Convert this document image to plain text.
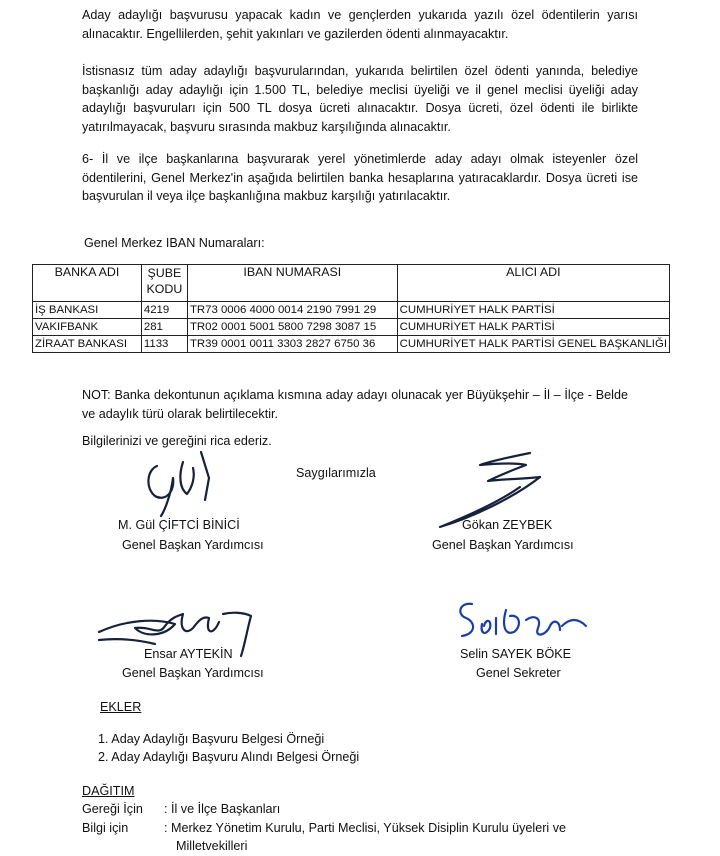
Aday adaylığı başvurusu yapacak kadın ve gençlerden yukarıda yazılı özel ödentilerin yarısı alınacaktır. Engellilerden, şehit yakınları ve gazilerden ödenti alınmayacaktır.

İstisnasız tüm aday adaylığı başvurularından, yukarıda belirtilen özel ödenti yanında, belediye başkanlığı aday adaylığı için 1.500 TL, belediye meclisi üyeliği ve il genel meclisi üyeliği aday adaylığı başvuruları için 500 TL dosya ücreti alınacaktır. Dosya ücreti, özel ödenti ile birlikte yatırılmayacak, başvuru sırasında makbuz karşılığında alınacaktır.

6- İl ve ilçe başkanlarına başvurarak yerel yönetimlerde aday adayı olmak isteyenler özel ödentilerini, Genel Merkez'in aşağıda belirtilen banka hesaplarına yatıracaklardır. Dosya ücreti ise başvurulan il veya ilçe başkanlığına makbuz karşılığı yatırılacaktır.

Genel Merkez IBAN Numaraları:

BANKA ADI	ŞUBE KODU	IBAN NUMARASI	ALICI ADI
İŞ BANKASI	4219	TR73 0006 4000 0014 2190 7991 29	CUMHURİYET HALK PARTİSİ
VAKIFBANK	281	TR02 0001 5001 5800 7298 3087 15	CUMHURİYET HALK PARTİSİ
ZİRAAT BANKASI	1133	TR39 0001 0011 3303 2827 6750 36	CUMHURİYET HALK PARTİSİ GENEL BAŞKANLIĞI

NOT: Banka dekontunun açıklama kısmına aday adayı olunacak yer Büyükşehir – İl – İlçe - Belde ve adaylık türü olarak belirtilecektir.

Bilgilerinizi ve gereğini rica ederiz.

Saygılarımızla

M. Gül ÇİFTCİ BİNİCİ

Genel Başkan Yardımcısı

Gökan ZEYBEK

Genel Başkan Yardımcısı

Ensar AYTEKİN

Genel Başkan Yardımcısı

Selin SAYEK BÖKE

Genel Sekreter

EKLER

1. Aday Adaylığı Başvuru Belgesi Örneği

2. Aday Adaylığı Başvuru Alındı Belgesi Örneği

DAĞITIM

Gereği İçin : İl ve İlçe Başkanları

Bilgi için	: Merkez Yönetim Kurulu, Parti Meclisi, Yüksek Disiplin Kurulu üyeleri ve

Milletvekilleri
